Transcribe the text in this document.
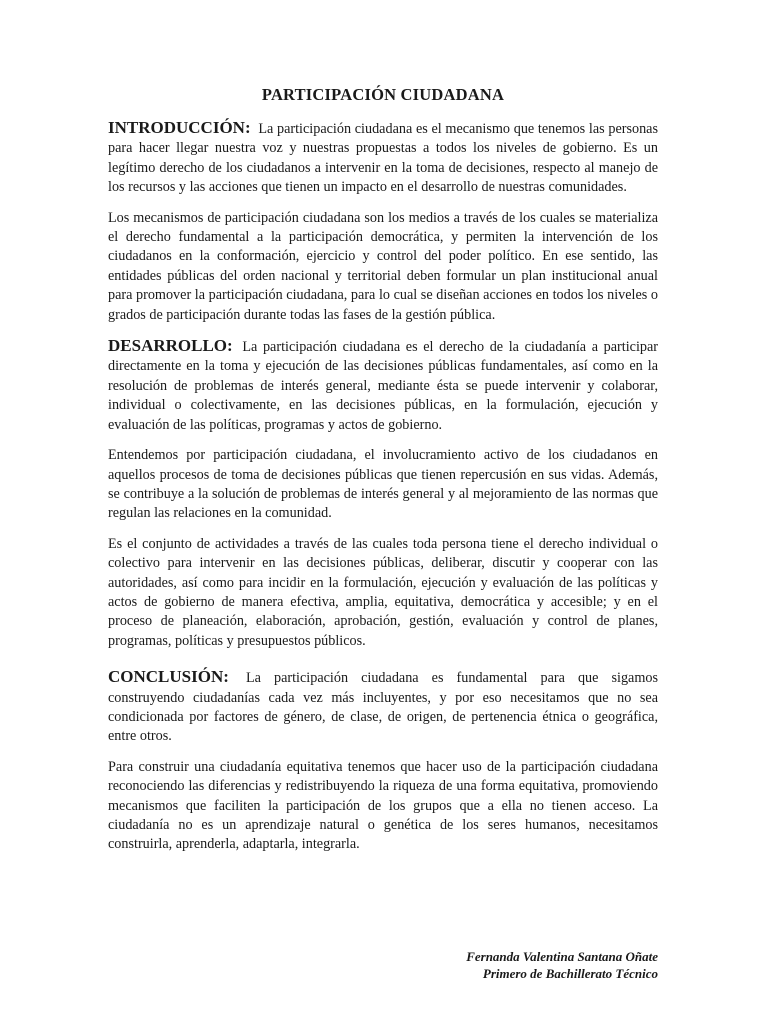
PARTICIPACIÓN CIUDADANA

INTRODUCCIÓN: La participación ciudadana es el mecanismo que tenemos las personas para hacer llegar nuestra voz y nuestras propuestas a todos los niveles de gobierno. Es un legítimo derecho de los ciudadanos a intervenir en la toma de decisiones, respecto al manejo de los recursos y las acciones que tienen un impacto en el desarrollo de nuestras comunidades.

Los mecanismos de participación ciudadana son los medios a través de los cuales se materializa el derecho fundamental a la participación democrática, y permiten la intervención de los ciudadanos en la conformación, ejercicio y control del poder político. En ese sentido, las entidades públicas del orden nacional y territorial deben formular un plan institucional anual para promover la participación ciudadana, para lo cual se diseñan acciones en todos los niveles o grados de participación durante todas las fases de la gestión pública.

DESARROLLO: La participación ciudadana es el derecho de la ciudadanía a participar directamente en la toma y ejecución de las decisiones públicas fundamentales, así como en la resolución de problemas de interés general, mediante ésta se puede intervenir y colaborar, individual o colectivamente, en las decisiones públicas, en la formulación, ejecución y evaluación de las políticas, programas y actos de gobierno.

Entendemos por participación ciudadana, el involucramiento activo de los ciudadanos en aquellos procesos de toma de decisiones públicas que tienen repercusión en sus vidas. Además, se contribuye a la solución de problemas de interés general y al mejoramiento de las normas que regulan las relaciones en la comunidad.

Es el conjunto de actividades a través de las cuales toda persona tiene el derecho individual o colectivo para intervenir en las decisiones públicas, deliberar, discutir y cooperar con las autoridades, así como para incidir en la formulación, ejecución y evaluación de las políticas y actos de gobierno de manera efectiva, amplia, equitativa, democrática y accesible; y en el proceso de planeación, elaboración, aprobación, gestión, evaluación y control de planes, programas, políticas y presupuestos públicos.

CONCLUSIÓN: La participación ciudadana es fundamental para que sigamos construyendo ciudadanías cada vez más incluyentes, y por eso necesitamos que no sea condicionada por factores de género, de clase, de origen, de pertenencia étnica o geográfica, entre otros.

Para construir una ciudadanía equitativa tenemos que hacer uso de la participación ciudadana reconociendo las diferencias y redistribuyendo la riqueza de una forma equitativa, promoviendo mecanismos que faciliten la participación de los grupos que a ella no tienen acceso. La ciudadanía no es un aprendizaje natural o genética de los seres humanos, necesitamos construirla, aprenderla, adaptarla, integrarla.

Fernanda Valentina Santana Oñate
Primero de Bachillerato Técnico
